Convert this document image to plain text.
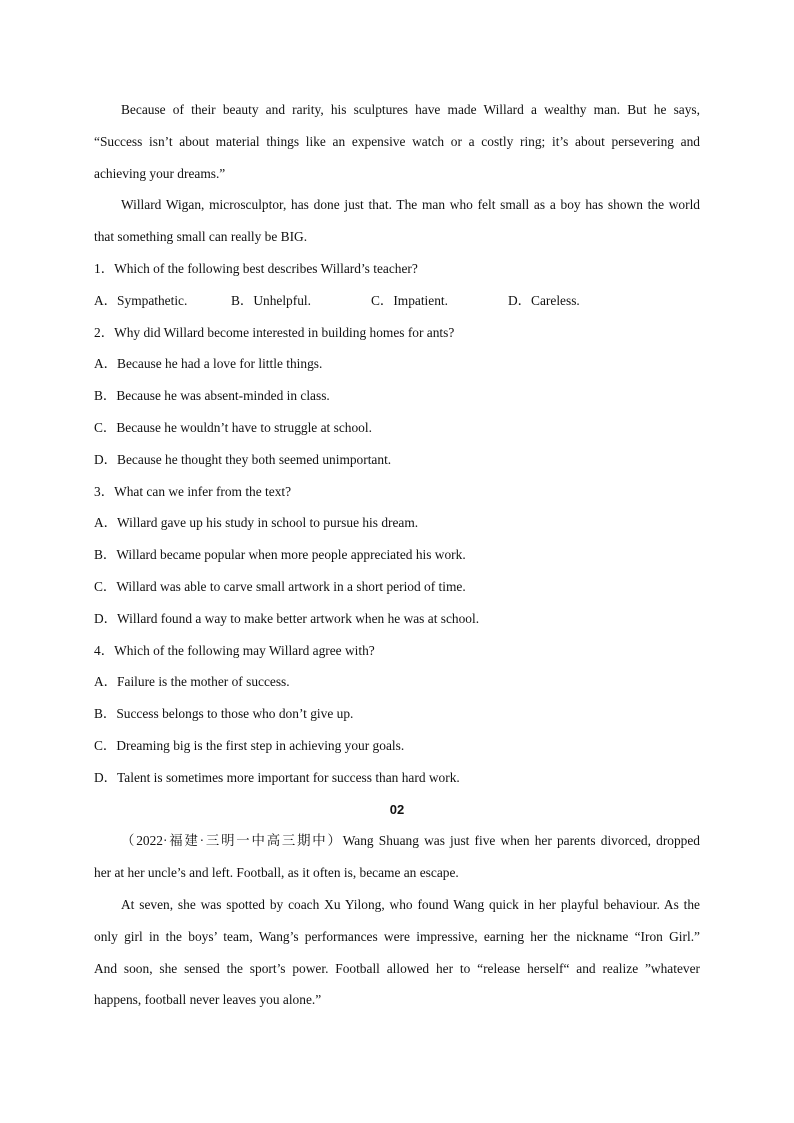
Because of their beauty and rarity, his sculptures have made Willard a wealthy man. But he says,
“Success isn’t about material things like an expensive watch or a costly ring; it’s about persevering and
achieving your dreams.”
Willard Wigan, microsculptor, has done just that. The man who felt small as a boy has shown the world
that something small can really be BIG.
1．Which of the following best describes Willard’s teacher?
A．Sympathetic.	B．Unhelpful.	C．Impatient.	D．Careless.
2．Why did Willard become interested in building homes for ants?
A．Because he had a love for little things.
B．Because he was absent-minded in class.
C．Because he wouldn’t have to struggle at school.
D．Because he thought they both seemed unimportant.
3．What can we infer from the text?
A．Willard gave up his study in school to pursue his dream.
B．Willard became popular when more people appreciated his work.
C．Willard was able to carve small artwork in a short period of time.
D．Willard found a way to make better artwork when he was at school.
4．Which of the following may Willard agree with?
A．Failure is the mother of success.
B．Success belongs to those who don’t give up.
C．Dreaming big is the first step in achieving your goals.
D．Talent is sometimes more important for success than hard work.
02
（2022·福建·三明一中高三期中）Wang Shuang was just five when her parents divorced, dropped
her at her uncle’s and left. Football, as it often is, became an escape.
At seven, she was spotted by coach Xu Yilong, who found Wang quick in her playful behaviour. As the
only girl in the boys’ team, Wang’s performances were impressive, earning her the nickname “Iron Girl.”
And soon, she sensed the sport’s power. Football allowed her to “release herself“ and realize ”whatever
happens, football never leaves you alone.”
